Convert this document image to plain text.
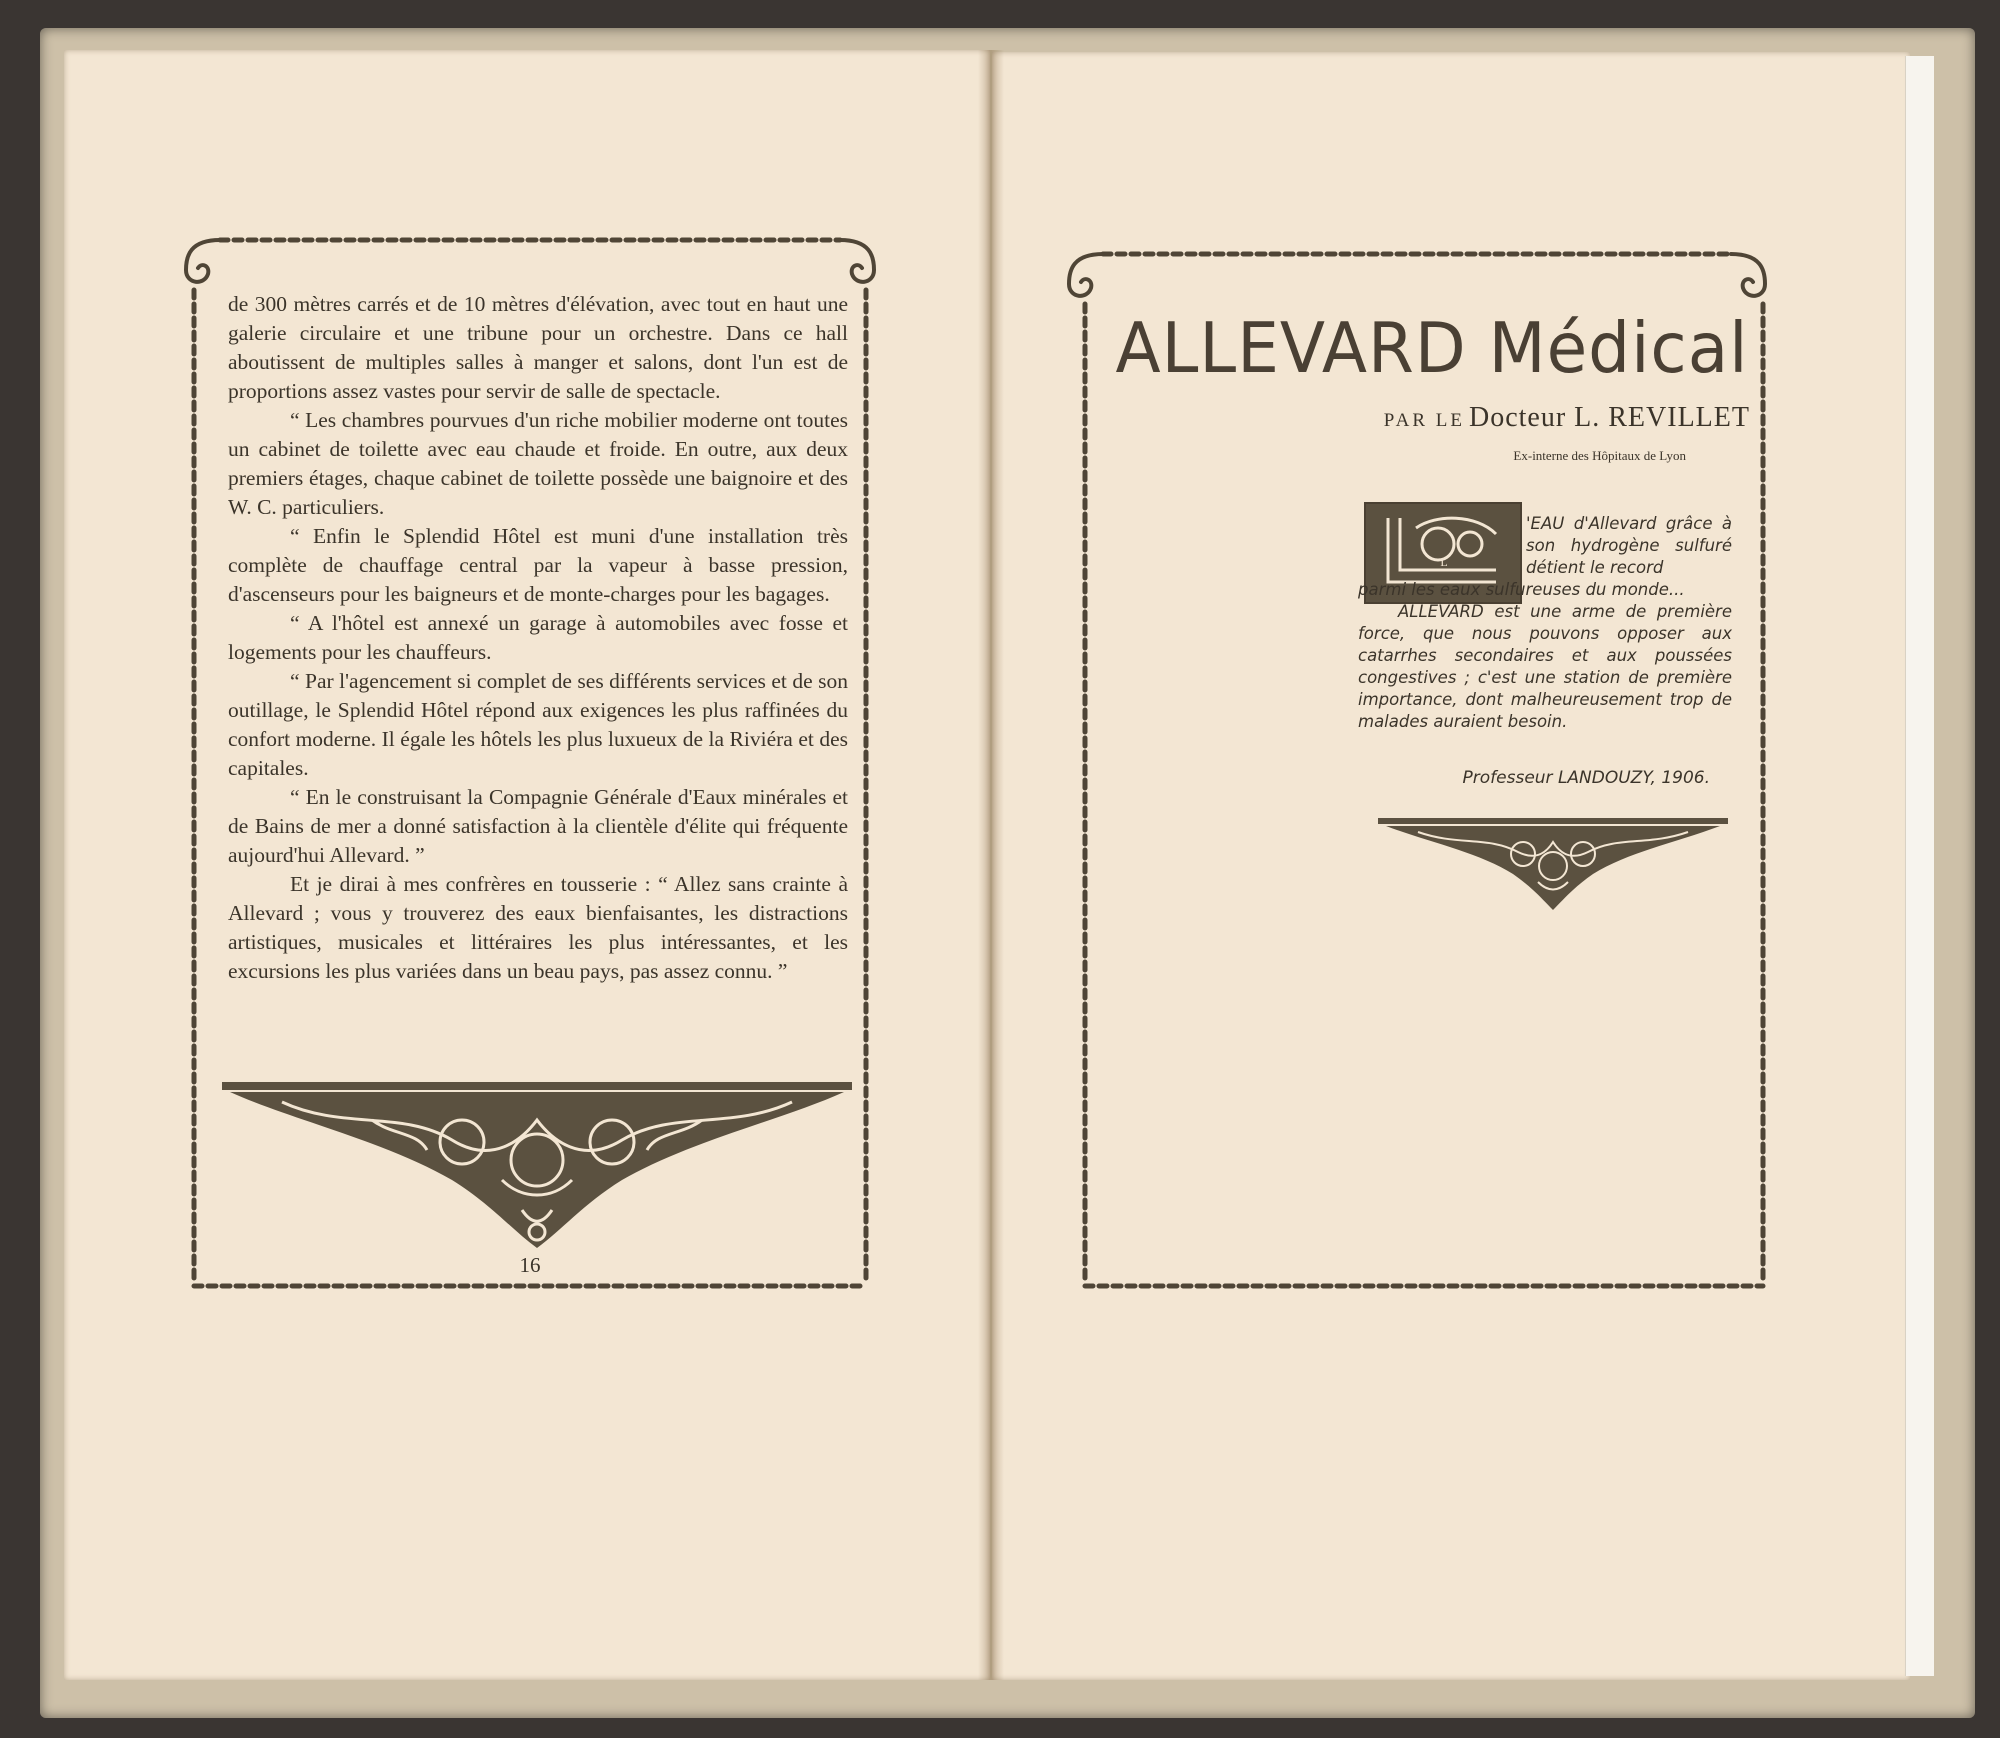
de 300 mètres carrés et de 10 mètres d'élévation, avec tout en haut une galerie circulaire et une tribune pour un orchestre. Dans ce hall aboutissent de multiples salles à manger et salons, dont l'un est de proportions assez vastes pour servir de salle de spectacle.

“ Les chambres pourvues d'un riche mobilier moderne ont toutes un cabinet de toilette avec eau chaude et froide. En outre, aux deux premiers étages, chaque cabinet de toilette possède une baignoire et des W. C. particuliers.

“ Enfin le Splendid Hôtel est muni d'une installation très complète de chauffage central par la vapeur à basse pression, d'ascenseurs pour les baigneurs et de monte-charges pour les bagages.

“ A l'hôtel est annexé un garage à automobiles avec fosse et logements pour les chauffeurs.

“ Par l'agencement si complet de ses différents services et de son outillage, le Splendid Hôtel répond aux exigences les plus raffinées du confort moderne. Il égale les hôtels les plus luxueux de la Riviéra et des capitales.

“ En le construisant la Compagnie Générale d'Eaux minérales et de Bains de mer a donné satisfaction à la clientèle d'élite qui fréquente aujourd'hui Allevard. ”

Et je dirai à mes confrères en tousserie : “ Allez sans crainte à Allevard ; vous y trouverez des eaux bienfaisantes, les distractions artistiques, musicales et littéraires les plus intéressantes, et les excursions les plus variées dans un beau pays, pas assez connu. ”

16
ALLEVARD Médical
PAR LE Docteur L. REVILLET
Ex-interne des Hôpitaux de Lyon
L
'EAU d'Allevard grâce à son hydrogène sulfuré détient le record

parmi les eaux sulfureuses du monde...

ALLEVARD est une arme de première force, que nous pouvons opposer aux catarrhes secondaires et aux poussées congestives ; c'est une station de première importance, dont malheureusement trop de malades auraient besoin.

Professeur LANDOUZY, 1906.
